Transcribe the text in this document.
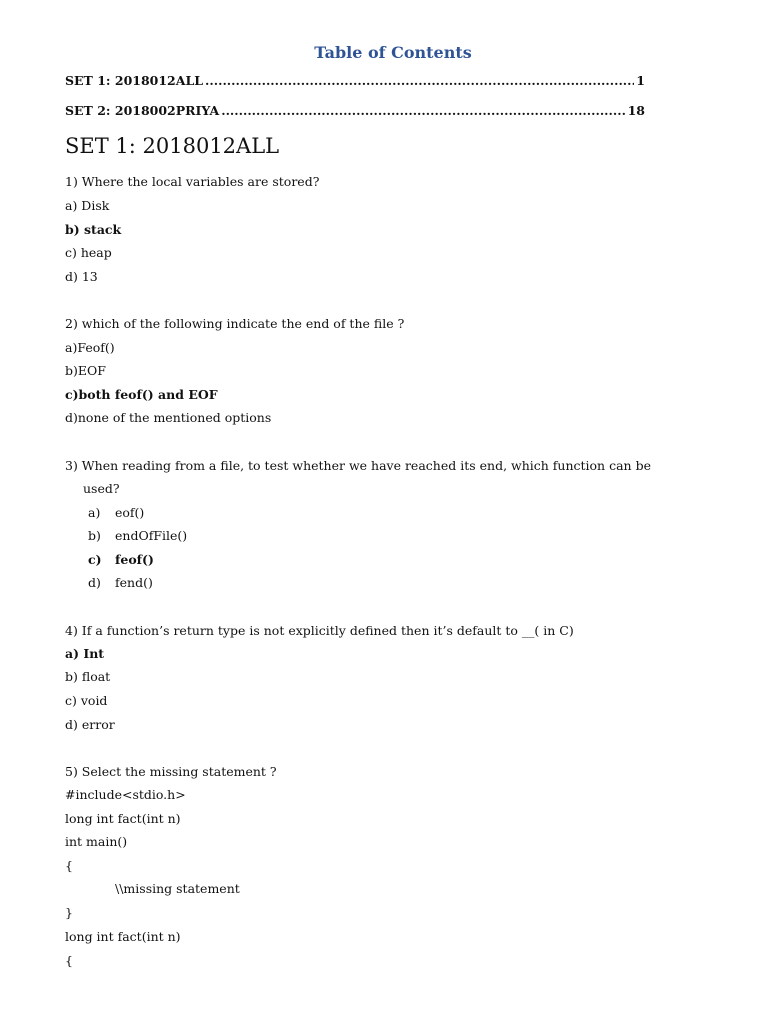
Table of Contents
SET 1: 2018012ALL .....	1
SET 2: 2018002PRIYA .....	18
SET 1: 2018012ALL
1) Where the local variables are stored?
a) Disk
b) stack
c) heap
d) 13
2) which of the following indicate the end of the file ?
a)Feof()
b)EOF
c)both feof() and EOF
d)none of the mentioned options
3) When reading from a file, to test whether we have reached its end, which function can be
used?
a) eof()
b) endOfFile()
c) feof()
d) fend()
4) If a function’s return type is not explicitly defined then it’s default to __( in C)
a) Int
b) float
c) void
d) error
5) Select the missing statement ?
#include<stdio.h>
long int fact(int n)
int main()
{
\\missing statement
}
long int fact(int n)
{
